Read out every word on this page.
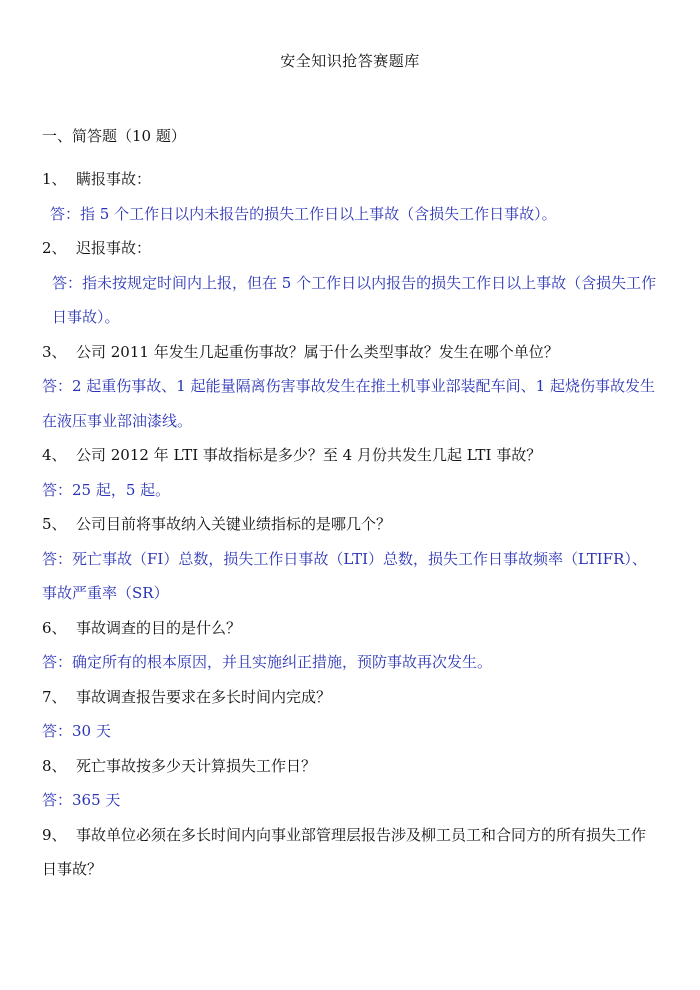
安全知识抢答赛题库
一、简答题（10 题）
1、 瞒报事故：
答：指 5 个工作日以内未报告的损失工作日以上事故（含损失工作日事故）。
2、 迟报事故：
答：指未按规定时间内上报，但在 5 个工作日以内报告的损失工作日以上事故（含损失工作日事故）。
3、 公司 2011 年发生几起重伤事故？属于什么类型事故？发生在哪个单位？
答：2 起重伤事故、1 起能量隔离伤害事故发生在推土机事业部装配车间、1 起烧伤事故发生在液压事业部油漆线。
4、 公司 2012 年 LTI 事故指标是多少？至 4 月份共发生几起 LTI 事故？
答：25 起，5 起。
5、 公司目前将事故纳入关键业绩指标的是哪几个？
答：死亡事故（FI）总数，损失工作日事故（LTI）总数，损失工作日事故频率（LTIFR）、事故严重率（SR）
6、 事故调查的目的是什么？
答：确定所有的根本原因，并且实施纠正措施，预防事故再次发生。
7、 事故调查报告要求在多长时间内完成？
答：30 天
8、 死亡事故按多少天计算损失工作日？
答：365 天
9、 事故单位必须在多长时间内向事业部管理层报告涉及柳工员工和合同方的所有损失工作日事故？
